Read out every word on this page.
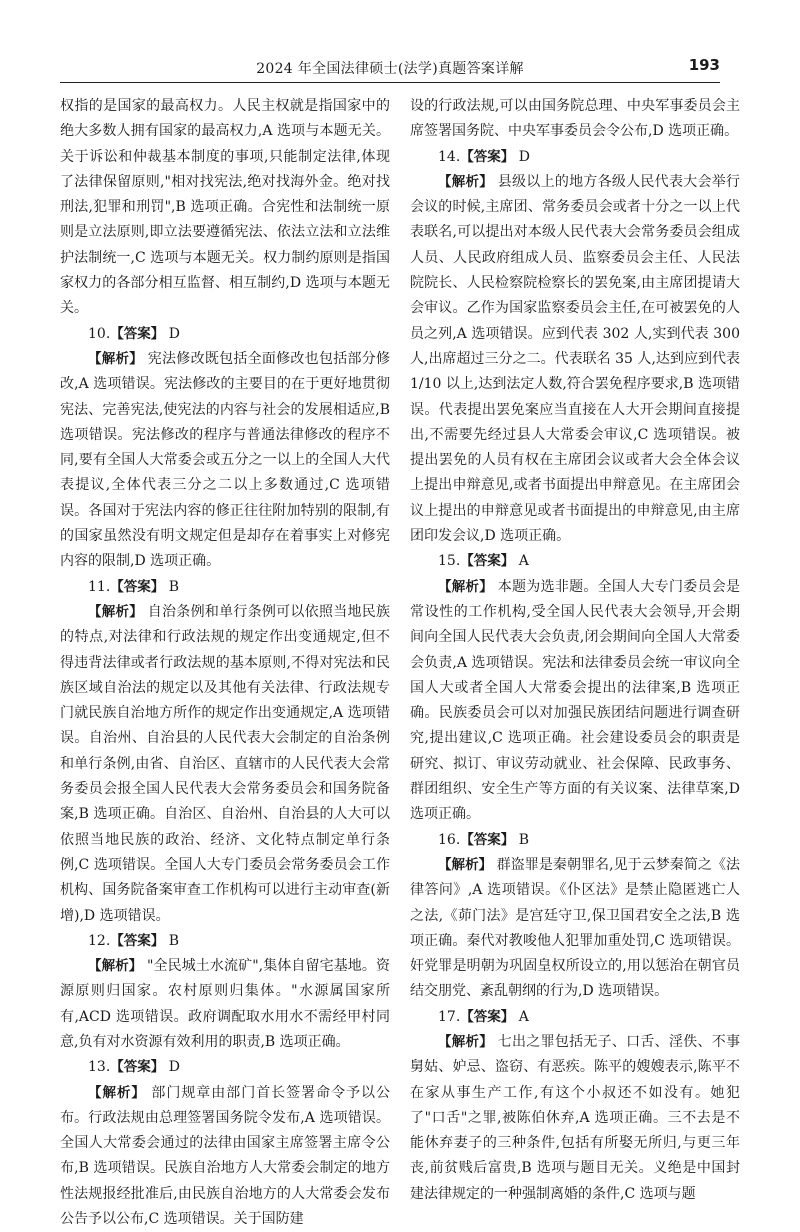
2024 年全国法律硕士(法学)真题答案详解	193

权指的是国家的最高权力。人民主权就是指国家中的绝大多数人拥有国家的最高权力,A 选项与本题无关。关于诉讼和仲裁基本制度的事项,只能制定法律,体现了法律保留原则,"相对找宪法,绝对找海外金。绝对找刑法,犯罪和刑罚",B 选项正确。合宪性和法制统一原则是立法原则,即立法要遵循宪法、依法立法和立法维护法制统一,C 选项与本题无关。权力制约原则是指国家权力的各部分相互监督、相互制约,D 选项与本题无关。

10.【答案】 D

【解析】 宪法修改既包括全面修改也包括部分修改,A 选项错误。宪法修改的主要目的在于更好地贯彻宪法、完善宪法,使宪法的内容与社会的发展相适应,B 选项错误。宪法修改的程序与普通法律修改的程序不同,要有全国人大常委会或五分之一以上的全国人大代表提议,全体代表三分之二以上多数通过,C 选项错误。各国对于宪法内容的修正往往附加特别的限制,有的国家虽然没有明文规定但是却存在着事实上对修宪内容的限制,D 选项正确。

11.【答案】 B

【解析】 自治条例和单行条例可以依照当地民族的特点,对法律和行政法规的规定作出变通规定,但不得违背法律或者行政法规的基本原则,不得对宪法和民族区域自治法的规定以及其他有关法律、行政法规专门就民族自治地方所作的规定作出变通规定,A 选项错误。自治州、自治县的人民代表大会制定的自治条例和单行条例,由省、自治区、直辖市的人民代表大会常务委员会报全国人民代表大会常务委员会和国务院备案,B 选项正确。自治区、自治州、自治县的人大可以依照当地民族的政治、经济、文化特点制定单行条例,C 选项错误。全国人大专门委员会常务委员会工作机构、国务院备案审查工作机构可以进行主动审查(新增),D 选项错误。

12.【答案】 B

【解析】 "全民城土水流矿",集体自留宅基地。资源原则归国家。农村原则归集体。"水源属国家所有,ACD 选项错误。政府调配取水用水不需经甲村同意,负有对水资源有效利用的职责,B 选项正确。

13.【答案】 D

【解析】 部门规章由部门首长签署命令予以公布。行政法规由总理签署国务院令发布,A 选项错误。全国人大常委会通过的法律由国家主席签署主席令公布,B 选项错误。民族自治地方人大常委会制定的地方性法规报经批准后,由民族自治地方的人大常委会发布公告予以公布,C 选项错误。关于国防建

设的行政法规,可以由国务院总理、中央军事委员会主席签署国务院、中央军事委员会令公布,D 选项正确。

14.【答案】 D

【解析】 县级以上的地方各级人民代表大会举行会议的时候,主席团、常务委员会或者十分之一以上代表联名,可以提出对本级人民代表大会常务委员会组成人员、人民政府组成人员、监察委员会主任、人民法院院长、人民检察院检察长的罢免案,由主席团提请大会审议。乙作为国家监察委员会主任,在可被罢免的人员之列,A 选项错误。应到代表 302 人,实到代表 300 人,出席超过三分之二。代表联名 35 人,达到应到代表 1/10 以上,达到法定人数,符合罢免程序要求,B 选项错误。代表提出罢免案应当直接在人大开会期间直接提出,不需要先经过县人大常委会审议,C 选项错误。被提出罢免的人员有权在主席团会议或者大会全体会议上提出申辩意见,或者书面提出申辩意见。在主席团会议上提出的申辩意见或者书面提出的申辩意见,由主席团印发会议,D 选项正确。

15.【答案】 A

【解析】 本题为选非题。全国人大专门委员会是常设性的工作机构,受全国人民代表大会领导,开会期间向全国人民代表大会负责,闭会期间向全国人大常委会负责,A 选项错误。宪法和法律委员会统一审议向全国人大或者全国人大常委会提出的法律案,B 选项正确。民族委员会可以对加强民族团结问题进行调查研究,提出建议,C 选项正确。社会建设委员会的职责是研究、拟订、审议劳动就业、社会保障、民政事务、群团组织、安全生产等方面的有关议案、法律草案,D 选项正确。

16.【答案】 B

【解析】 群盗罪是秦朝罪名,见于云梦秦简之《法律答问》,A 选项错误。《仆区法》是禁止隐匿逃亡人之法,《茆门法》是宫廷守卫,保卫国君安全之法,B 选项正确。秦代对教唆他人犯罪加重处罚,C 选项错误。奸党罪是明朝为巩固皇权所设立的,用以惩治在朝官员结交朋党、紊乱朝纲的行为,D 选项错误。

17.【答案】 A

【解析】 七出之罪包括无子、口舌、淫佚、不事舅姑、妒忌、盗窃、有恶疾。陈平的嫂嫂表示,陈平不在家从事生产工作,有这个小叔还不如没有。她犯了"口舌"之罪,被陈伯休弃,A 选项正确。三不去是不能休弃妻子的三种条件,包括有所娶无所归,与更三年丧,前贫贱后富贵,B 选项与题目无关。义绝是中国封建法律规定的一种强制离婚的条件,C 选项与题
